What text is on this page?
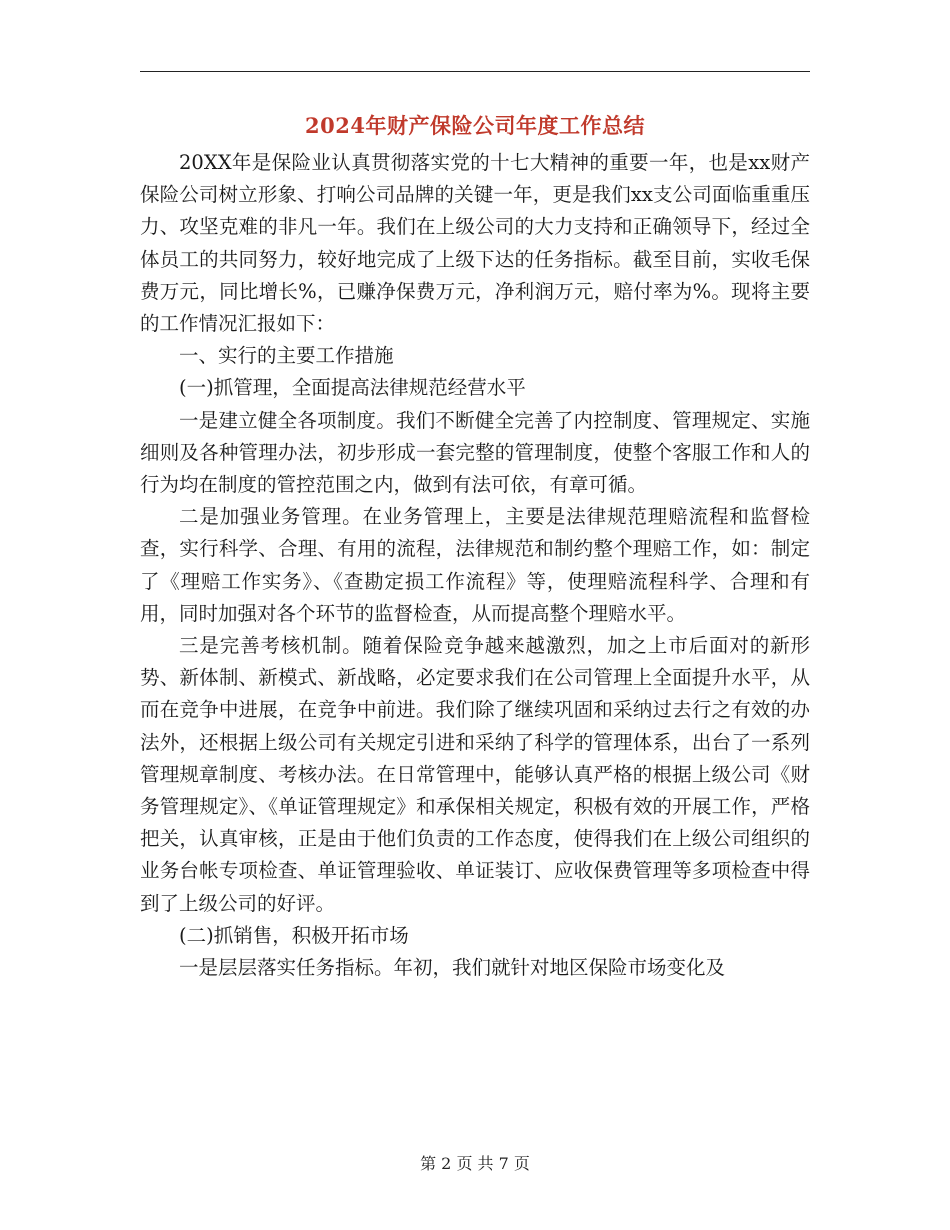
2024年财产保险公司年度工作总结

20XX年是保险业认真贯彻落实党的十七大精神的重要一年，也是xx财产保险公司树立形象、打响公司品牌的关键一年，更是我们xx支公司面临重重压力、攻坚克难的非凡一年。我们在上级公司的大力支持和正确领导下，经过全体员工的共同努力，较好地完成了上级下达的任务指标。截至目前，实收毛保费万元，同比增长%，已赚净保费万元，净利润万元，赔付率为%。现将主要的工作情况汇报如下：

一、实行的主要工作措施

(一)抓管理，全面提高法律规范经营水平

一是建立健全各项制度。我们不断健全完善了内控制度、管理规定、实施细则及各种管理办法，初步形成一套完整的管理制度，使整个客服工作和人的行为均在制度的管控范围之内，做到有法可依，有章可循。

二是加强业务管理。在业务管理上，主要是法律规范理赔流程和监督检查，实行科学、合理、有用的流程，法律规范和制约整个理赔工作，如：制定了《理赔工作实务》、《查勘定损工作流程》等，使理赔流程科学、合理和有用，同时加强对各个环节的监督检查，从而提高整个理赔水平。

三是完善考核机制。随着保险竞争越来越激烈，加之上市后面对的新形势、新体制、新模式、新战略，必定要求我们在公司管理上全面提升水平，从而在竞争中进展，在竞争中前进。我们除了继续巩固和采纳过去行之有效的办法外，还根据上级公司有关规定引进和采纳了科学的管理体系，出台了一系列管理规章制度、考核办法。在日常管理中，能够认真严格的根据上级公司《财务管理规定》、《单证管理规定》和承保相关规定，积极有效的开展工作，严格把关，认真审核，正是由于他们负责的工作态度，使得我们在上级公司组织的业务台帐专项检查、单证管理验收、单证装订、应收保费管理等多项检查中得到了上级公司的好评。

(二)抓销售，积极开拓市场

一是层层落实任务指标。年初，我们就针对地区保险市场变化及

第 2 页 共 7 页
